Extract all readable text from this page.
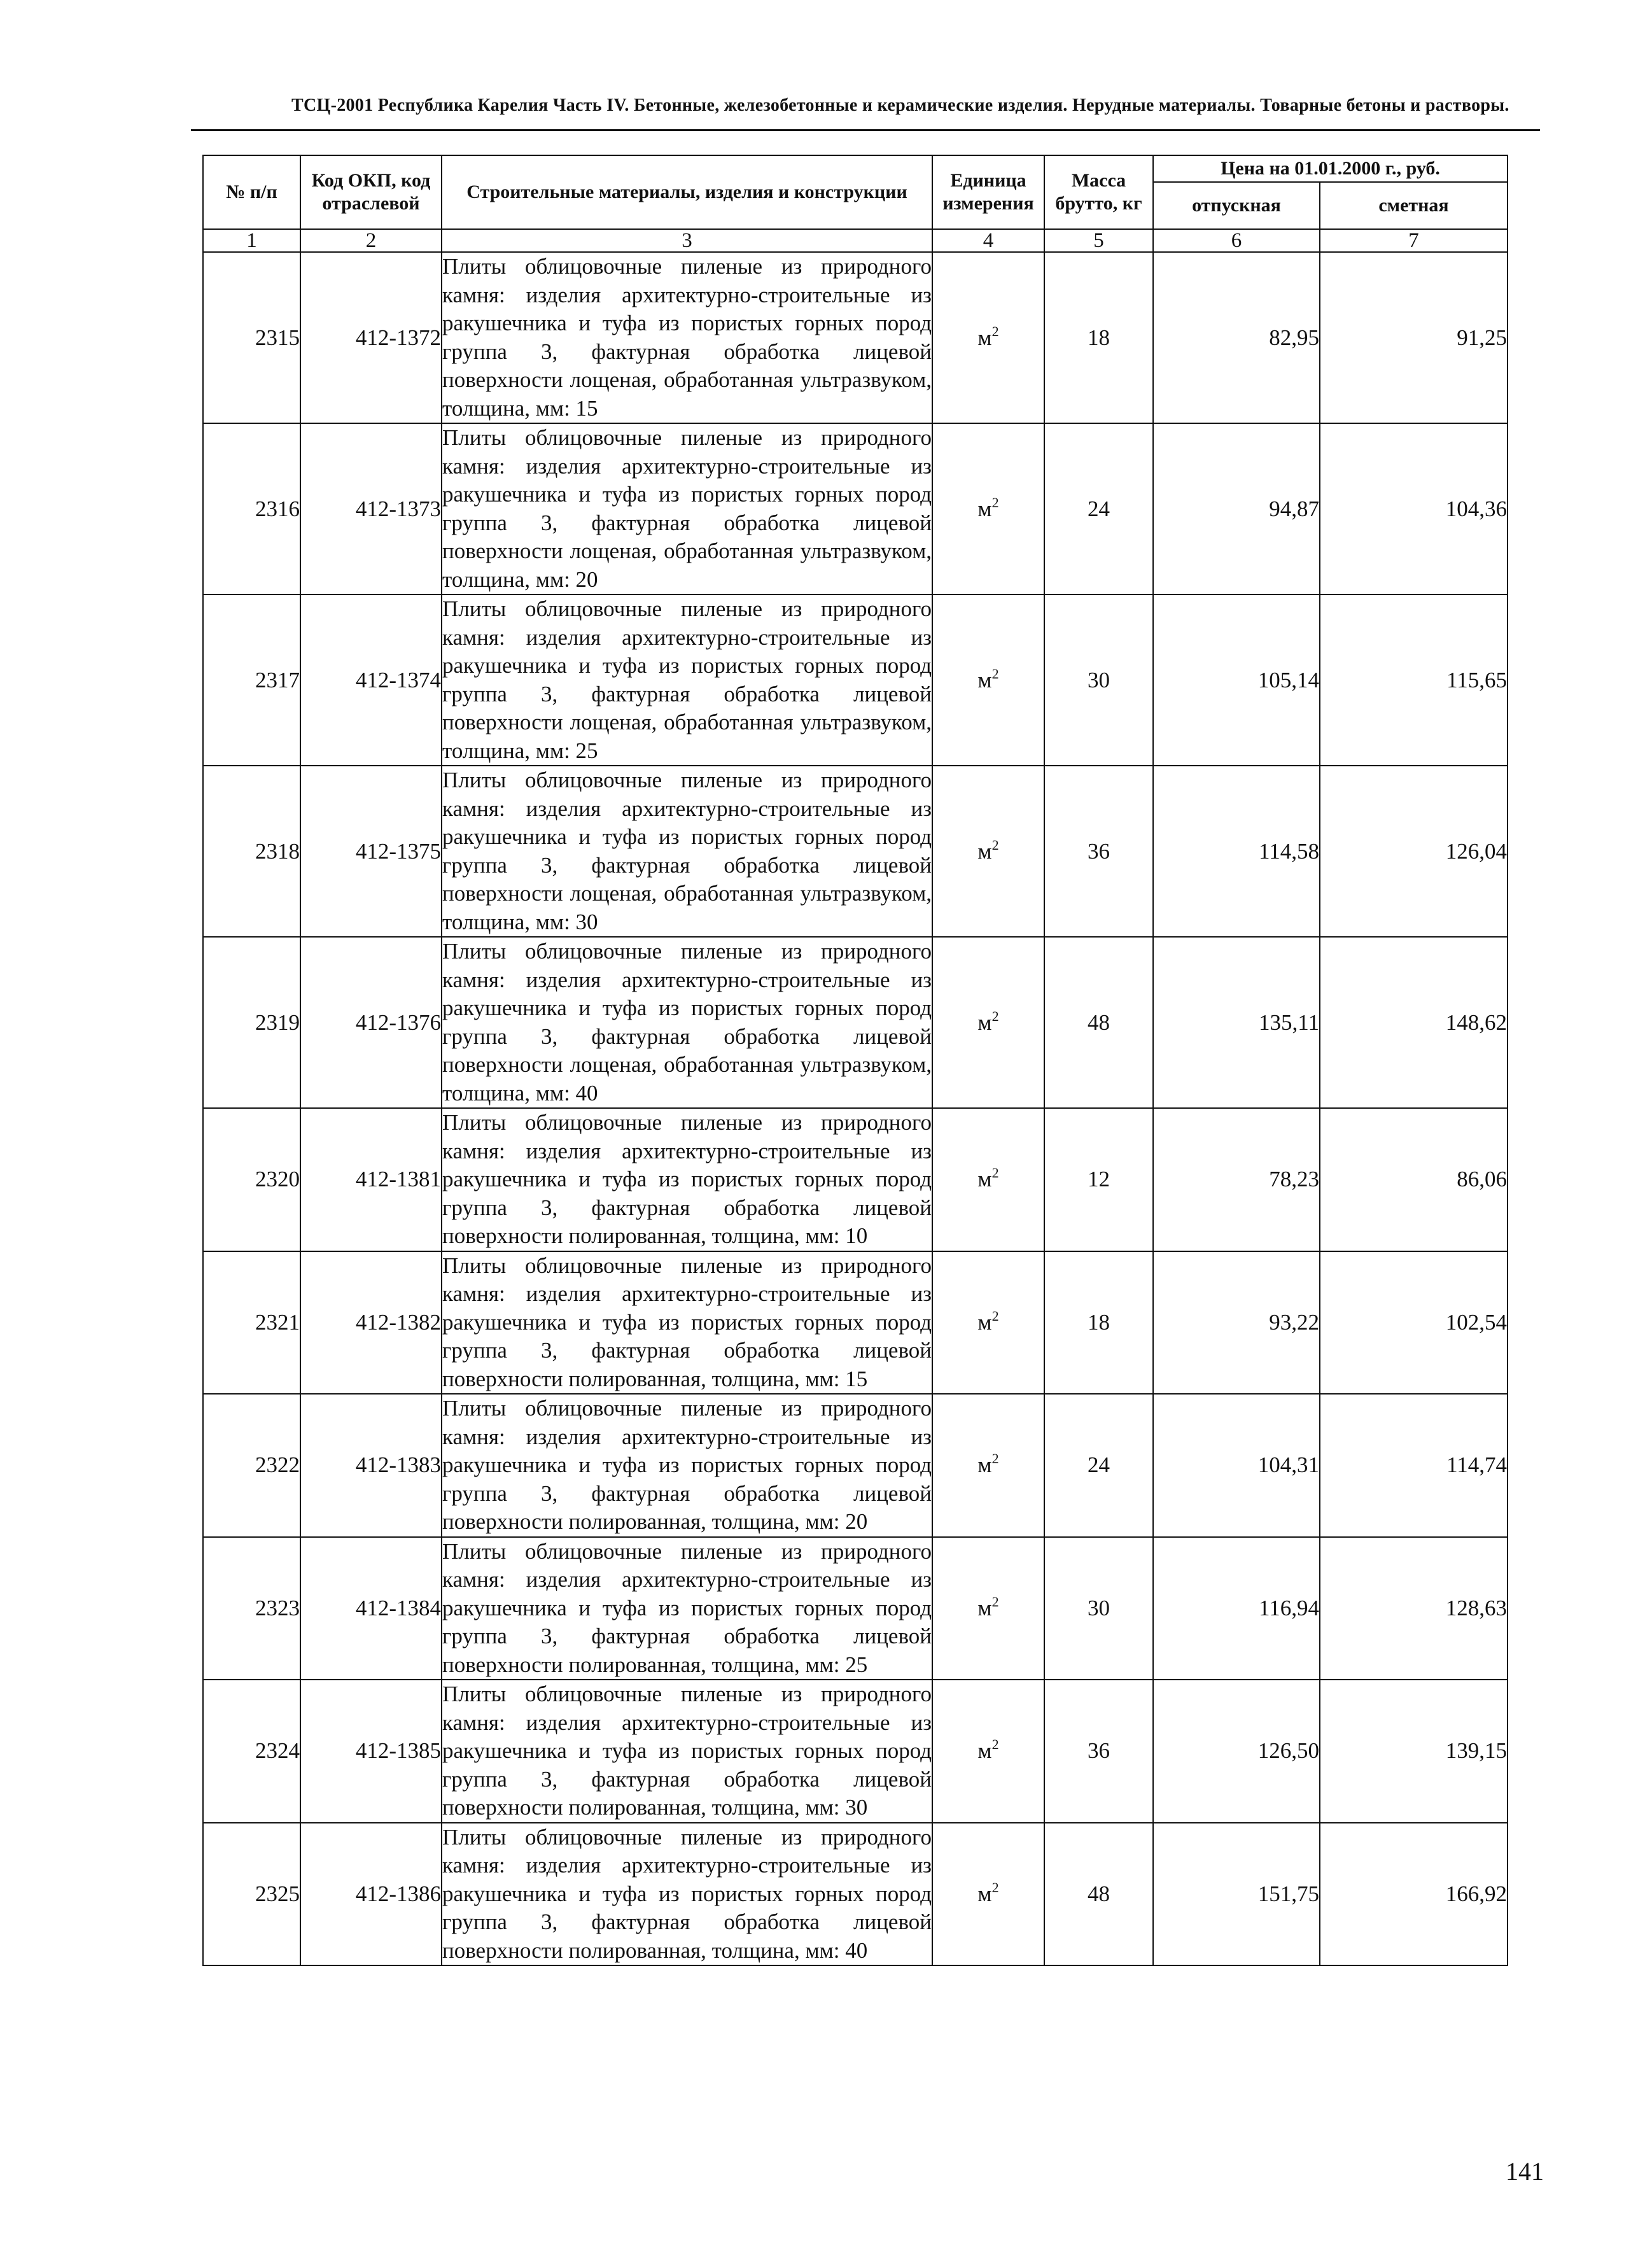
ТСЦ-2001 Республика Карелия Часть IV. Бетонные, железобетонные и керамические изделия. Нерудные материалы. Товарные бетоны и растворы.
№ п/п	Код ОКП, код отраслевой	Строительные материалы, изделия и конструкции	Единица измерения	Масса брутто, кг	Цена на 01.01.2000 г., руб.	
					отпускная	сметная
1	2	3	4	5	6	7
2315	412-1372	Плиты облицовочные пиленые из природного камня: изделия архитектурно-строительные из ракушечника и туфа из пористых горных пород группа 3, фактурная обработка лицевой поверхности лощеная, обработанная ультразвуком, толщина, мм: 15	$м^2$	18	82,95	91,25
2316	412-1373	Плиты облицовочные пиленые из природного камня: изделия архитектурно-строительные из ракушечника и туфа из пористых горных пород группа 3, фактурная обработка лицевой поверхности лощеная, обработанная ультразвуком, толщина, мм: 20	$м^2$	24	94,87	104,36
2317	412-1374	Плиты облицовочные пиленые из природного камня: изделия архитектурно-строительные из ракушечника и туфа из пористых горных пород группа 3, фактурная обработка лицевой поверхности лощеная, обработанная ультразвуком, толщина, мм: 25	$м^2$	30	105,14	115,65
2318	412-1375	Плиты облицовочные пиленые из природного камня: изделия архитектурно-строительные из ракушечника и туфа из пористых горных пород группа 3, фактурная обработка лицевой поверхности лощеная, обработанная ультразвуком, толщина, мм: 30	$м^2$	36	114,58	126,04
2319	412-1376	Плиты облицовочные пиленые из природного камня: изделия архитектурно-строительные из ракушечника и туфа из пористых горных пород группа 3, фактурная обработка лицевой поверхности лощеная, обработанная ультразвуком, толщина, мм: 40	$м^2$	48	135,11	148,62
2320	412-1381	Плиты облицовочные пиленые из природного камня: изделия архитектурно-строительные из ракушечника и туфа из пористых горных пород группа 3, фактурная обработка лицевой поверхности полированная, толщина, мм: 10	$м^2$	12	78,23	86,06
2321	412-1382	Плиты облицовочные пиленые из природного камня: изделия архитектурно-строительные из ракушечника и туфа из пористых горных пород группа 3, фактурная обработка лицевой поверхности полированная, толщина, мм: 15	$м^2$	18	93,22	102,54
2322	412-1383	Плиты облицовочные пиленые из природного камня: изделия архитектурно-строительные из ракушечника и туфа из пористых горных пород группа 3, фактурная обработка лицевой поверхности полированная, толщина, мм: 20	$м^2$	24	104,31	114,74
2323	412-1384	Плиты облицовочные пиленые из природного камня: изделия архитектурно-строительные из ракушечника и туфа из пористых горных пород группа 3, фактурная обработка лицевой поверхности полированная, толщина, мм: 25	$м^2$	30	116,94	128,63
2324	412-1385	Плиты облицовочные пиленые из природного камня: изделия архитектурно-строительные из ракушечника и туфа из пористых горных пород группа 3, фактурная обработка лицевой поверхности полированная, толщина, мм: 30	$м^2$	36	126,50	139,15
2325	412-1386	Плиты облицовочные пиленые из природного камня: изделия архитектурно-строительные из ракушечника и туфа из пористых горных пород группа 3, фактурная обработка лицевой поверхности полированная, толщина, мм: 40	$м^2$	48	151,75	166,92
141
